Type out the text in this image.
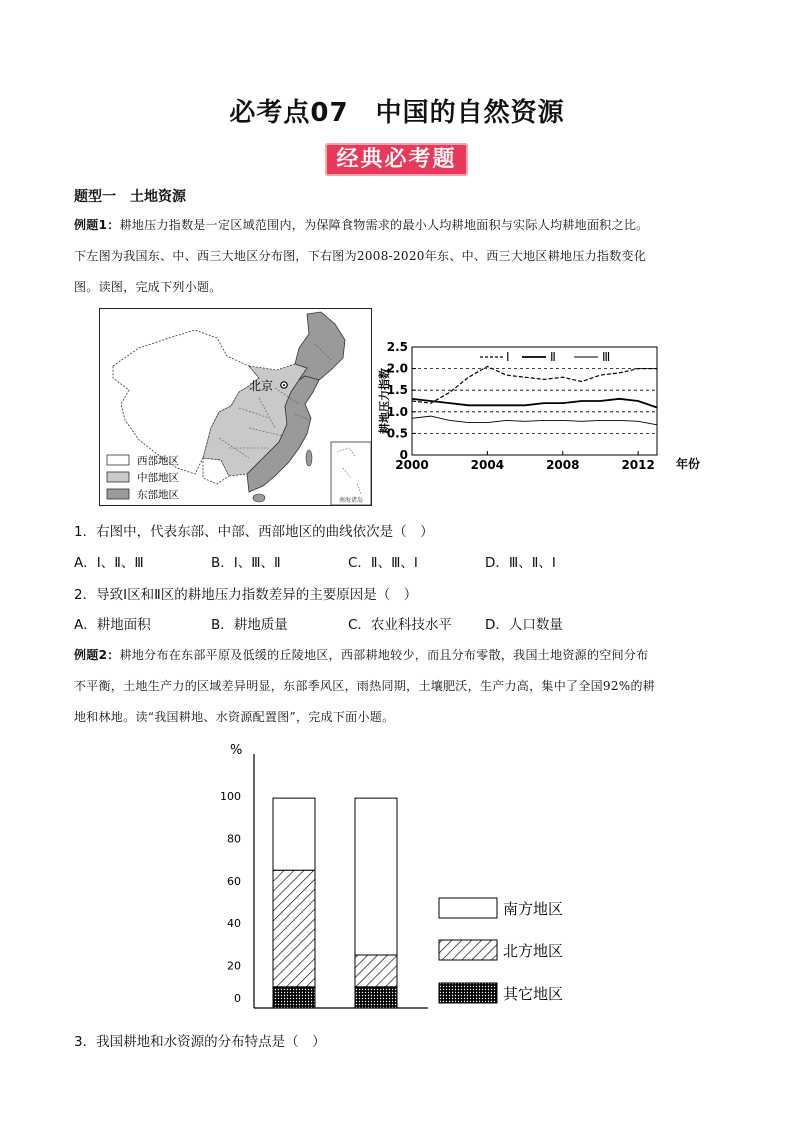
必考点07　中国的自然资源
经典必考题
题型一　土地资源
例题1：耕地压力指数是一定区域范围内，为保障食物需求的最小人均耕地面积与实际人均耕地面积之比。
下左图为我国东、中、西三大地区分布图，下右图为2008-2020年东、中、西三大地区耕地压力指数变化
图。读图，完成下列小题。
北京
南海诸岛
西部地区
中部地区
东部地区
耕地压力指数
年份
I	Ⅱ	Ⅲ
0
0.5
1.0
1.5
2.0
2.5
2000	2004	2008	2012
1．右图中，代表东部、中部、西部地区的曲线依次是（　）
A．Ⅰ、Ⅱ、Ⅲ	B．Ⅰ、Ⅲ、Ⅱ	C．Ⅱ、Ⅲ、Ⅰ	D．Ⅲ、Ⅱ、Ⅰ
2．导致Ⅰ区和Ⅱ区的耕地压力指数差异的主要原因是（　）
A．耕地面积	B．耕地质量	C．农业科技水平 D．人口数量
例题2：耕地分布在东部平原及低缓的丘陵地区，西部耕地较少，而且分布零散，我国土地资源的空间分布
不平衡，土地生产力的区域差异明显，东部季风区，雨热同期，土壤肥沃，生产力高，集中了全国92%的耕
地和林地。读“我国耕地、水资源配置图”，完成下面小题。
%
南方地区
北方地区
其它地区
0
20
40
60
80
100
3．我国耕地和水资源的分布特点是（　）
